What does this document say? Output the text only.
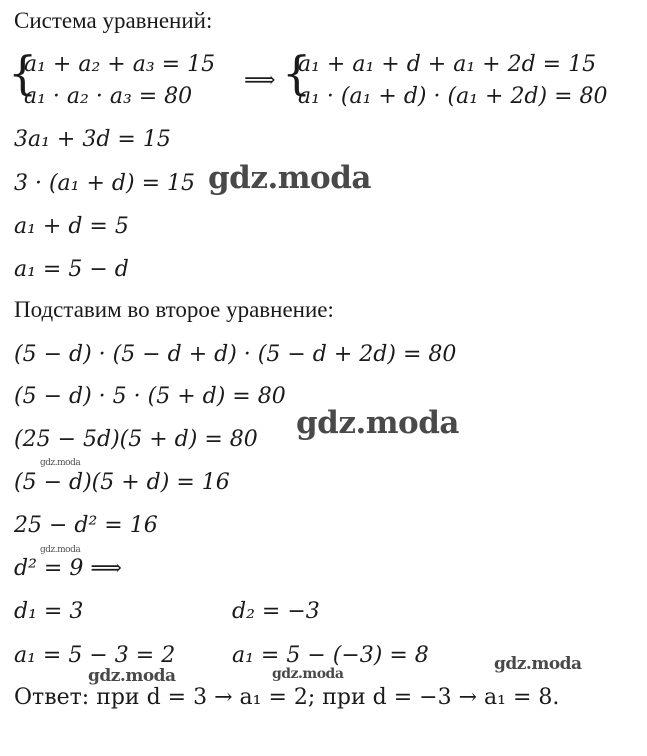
Система уравнений:
{
a₁ + a₂ + a₃ = 15
a₁ · a₂ · a₃ = 80
⟹ {
a₁ + a₁ + d + a₁ + 2d = 15
a₁ · (a₁ + d) · (a₁ + 2d) = 80
3a₁ + 3d = 15
3 · (a₁ + d) = 15
a₁ + d = 5
a₁ = 5 − d
Подставим во второе уравнение:
(5 − d) · (5 − d + d) · (5 − d + 2d) = 80
(5 − d) · 5 · (5 + d) = 80
(25 − 5d)(5 + d) = 80
(5 − d)(5 + d) = 16
25 − d² = 16
d² = 9 ⟹
d₁ = 3	d₂ = −3
a₁ = 5 − 3 = 2	a₁ = 5 − (−3) = 8
Ответ: при d = 3 → a₁ = 2; при d = −3 → a₁ = 8.
gdz.moda
gdz.moda
gdz.moda
gdz.moda	gdz.moda
gdz.moda
gdz.moda
